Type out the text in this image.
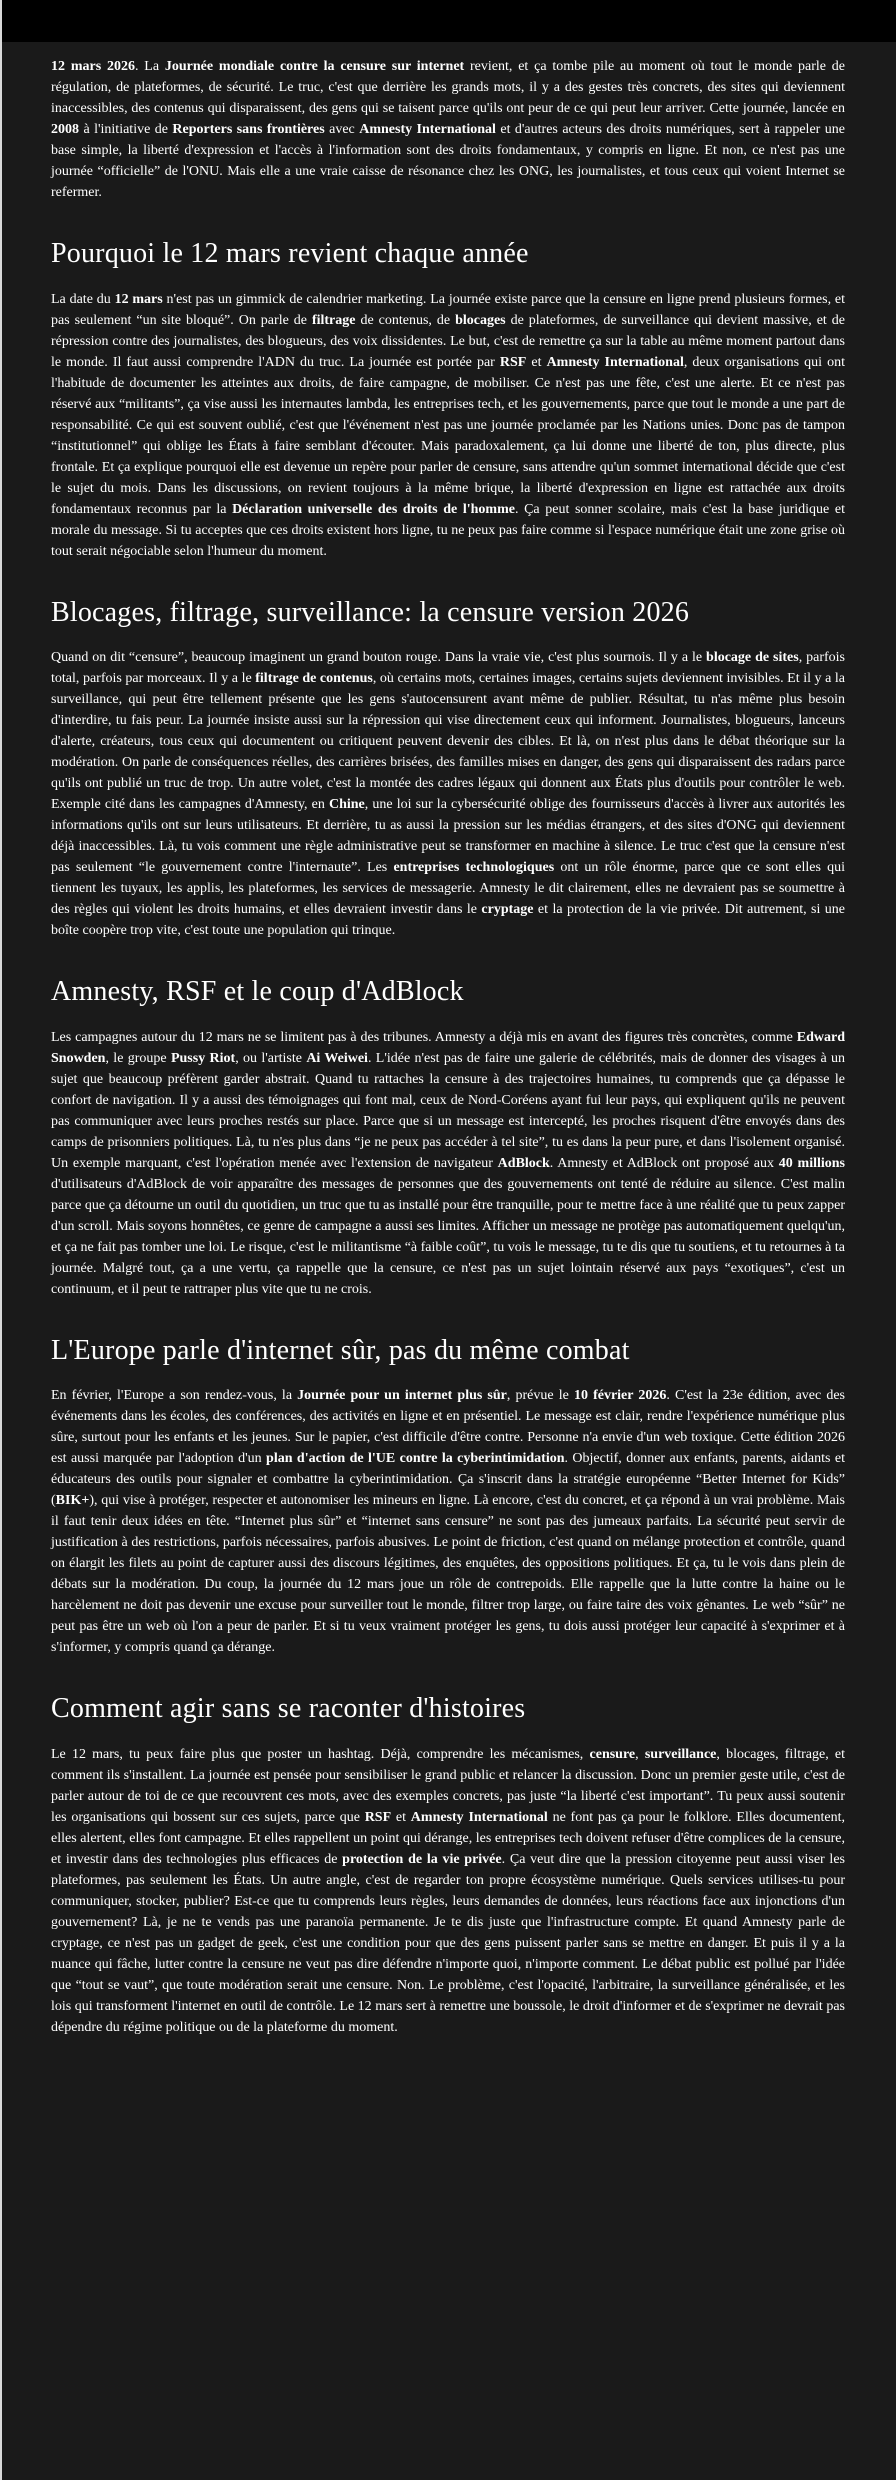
12 mars 2026. La Journée mondiale contre la censure sur internet revient, et ça tombe pile au moment où tout le monde parle de régulation, de plateformes, de sécurité. Le truc, c'est que derrière les grands mots, il y a des gestes très concrets, des sites qui deviennent inaccessibles, des contenus qui disparaissent, des gens qui se taisent parce qu'ils ont peur de ce qui peut leur arriver. Cette journée, lancée en 2008 à l'initiative de Reporters sans frontières avec Amnesty International et d'autres acteurs des droits numériques, sert à rappeler une base simple, la liberté d'expression et l'accès à l'information sont des droits fondamentaux, y compris en ligne. Et non, ce n'est pas une journée “officielle” de l'ONU. Mais elle a une vraie caisse de résonance chez les ONG, les journalistes, et tous ceux qui voient Internet se refermer.

Pourquoi le 12 mars revient chaque année

La date du 12 mars n'est pas un gimmick de calendrier marketing. La journée existe parce que la censure en ligne prend plusieurs formes, et pas seulement “un site bloqué”. On parle de filtrage de contenus, de blocages de plateformes, de surveillance qui devient massive, et de répression contre des journalistes, des blogueurs, des voix dissidentes. Le but, c'est de remettre ça sur la table au même moment partout dans le monde. Il faut aussi comprendre l'ADN du truc. La journée est portée par RSF et Amnesty International, deux organisations qui ont l'habitude de documenter les atteintes aux droits, de faire campagne, de mobiliser. Ce n'est pas une fête, c'est une alerte. Et ce n'est pas réservé aux “militants”, ça vise aussi les internautes lambda, les entreprises tech, et les gouvernements, parce que tout le monde a une part de responsabilité. Ce qui est souvent oublié, c'est que l'événement n'est pas une journée proclamée par les Nations unies. Donc pas de tampon “institutionnel” qui oblige les États à faire semblant d'écouter. Mais paradoxalement, ça lui donne une liberté de ton, plus directe, plus frontale. Et ça explique pourquoi elle est devenue un repère pour parler de censure, sans attendre qu'un sommet international décide que c'est le sujet du mois. Dans les discussions, on revient toujours à la même brique, la liberté d'expression en ligne est rattachée aux droits fondamentaux reconnus par la Déclaration universelle des droits de l'homme. Ça peut sonner scolaire, mais c'est la base juridique et morale du message. Si tu acceptes que ces droits existent hors ligne, tu ne peux pas faire comme si l'espace numérique était une zone grise où tout serait négociable selon l'humeur du moment.

Blocages, filtrage, surveillance: la censure version 2026

Quand on dit “censure”, beaucoup imaginent un grand bouton rouge. Dans la vraie vie, c'est plus sournois. Il y a le blocage de sites, parfois total, parfois par morceaux. Il y a le filtrage de contenus, où certains mots, certaines images, certains sujets deviennent invisibles. Et il y a la surveillance, qui peut être tellement présente que les gens s'autocensurent avant même de publier. Résultat, tu n'as même plus besoin d'interdire, tu fais peur. La journée insiste aussi sur la répression qui vise directement ceux qui informent. Journalistes, blogueurs, lanceurs d'alerte, créateurs, tous ceux qui documentent ou critiquent peuvent devenir des cibles. Et là, on n'est plus dans le débat théorique sur la modération. On parle de conséquences réelles, des carrières brisées, des familles mises en danger, des gens qui disparaissent des radars parce qu'ils ont publié un truc de trop. Un autre volet, c'est la montée des cadres légaux qui donnent aux États plus d'outils pour contrôler le web. Exemple cité dans les campagnes d'Amnesty, en Chine, une loi sur la cybersécurité oblige des fournisseurs d'accès à livrer aux autorités les informations qu'ils ont sur leurs utilisateurs. Et derrière, tu as aussi la pression sur les médias étrangers, et des sites d'ONG qui deviennent déjà inaccessibles. Là, tu vois comment une règle administrative peut se transformer en machine à silence. Le truc c'est que la censure n'est pas seulement “le gouvernement contre l'internaute”. Les entreprises technologiques ont un rôle énorme, parce que ce sont elles qui tiennent les tuyaux, les applis, les plateformes, les services de messagerie. Amnesty le dit clairement, elles ne devraient pas se soumettre à des règles qui violent les droits humains, et elles devraient investir dans le cryptage et la protection de la vie privée. Dit autrement, si une boîte coopère trop vite, c'est toute une population qui trinque.

Amnesty, RSF et le coup d'AdBlock

Les campagnes autour du 12 mars ne se limitent pas à des tribunes. Amnesty a déjà mis en avant des figures très concrètes, comme Edward Snowden, le groupe Pussy Riot, ou l'artiste Ai Weiwei. L'idée n'est pas de faire une galerie de célébrités, mais de donner des visages à un sujet que beaucoup préfèrent garder abstrait. Quand tu rattaches la censure à des trajectoires humaines, tu comprends que ça dépasse le confort de navigation. Il y a aussi des témoignages qui font mal, ceux de Nord-Coréens ayant fui leur pays, qui expliquent qu'ils ne peuvent pas communiquer avec leurs proches restés sur place. Parce que si un message est intercepté, les proches risquent d'être envoyés dans des camps de prisonniers politiques. Là, tu n'es plus dans “je ne peux pas accéder à tel site”, tu es dans la peur pure, et dans l'isolement organisé. Un exemple marquant, c'est l'opération menée avec l'extension de navigateur AdBlock. Amnesty et AdBlock ont proposé aux 40 millions d'utilisateurs d'AdBlock de voir apparaître des messages de personnes que des gouvernements ont tenté de réduire au silence. C'est malin parce que ça détourne un outil du quotidien, un truc que tu as installé pour être tranquille, pour te mettre face à une réalité que tu peux zapper d'un scroll. Mais soyons honnêtes, ce genre de campagne a aussi ses limites. Afficher un message ne protège pas automatiquement quelqu'un, et ça ne fait pas tomber une loi. Le risque, c'est le militantisme “à faible coût”, tu vois le message, tu te dis que tu soutiens, et tu retournes à ta journée. Malgré tout, ça a une vertu, ça rappelle que la censure, ce n'est pas un sujet lointain réservé aux pays “exotiques”, c'est un continuum, et il peut te rattraper plus vite que tu ne crois.

L'Europe parle d'internet sûr, pas du même combat

En février, l'Europe a son rendez-vous, la Journée pour un internet plus sûr, prévue le 10 février 2026. C'est la 23e édition, avec des événements dans les écoles, des conférences, des activités en ligne et en présentiel. Le message est clair, rendre l'expérience numérique plus sûre, surtout pour les enfants et les jeunes. Sur le papier, c'est difficile d'être contre. Personne n'a envie d'un web toxique. Cette édition 2026 est aussi marquée par l'adoption d'un plan d'action de l'UE contre la cyberintimidation. Objectif, donner aux enfants, parents, aidants et éducateurs des outils pour signaler et combattre la cyberintimidation. Ça s'inscrit dans la stratégie européenne “Better Internet for Kids” (BIK+), qui vise à protéger, respecter et autonomiser les mineurs en ligne. Là encore, c'est du concret, et ça répond à un vrai problème. Mais il faut tenir deux idées en tête. “Internet plus sûr” et “internet sans censure” ne sont pas des jumeaux parfaits. La sécurité peut servir de justification à des restrictions, parfois nécessaires, parfois abusives. Le point de friction, c'est quand on mélange protection et contrôle, quand on élargit les filets au point de capturer aussi des discours légitimes, des enquêtes, des oppositions politiques. Et ça, tu le vois dans plein de débats sur la modération. Du coup, la journée du 12 mars joue un rôle de contrepoids. Elle rappelle que la lutte contre la haine ou le harcèlement ne doit pas devenir une excuse pour surveiller tout le monde, filtrer trop large, ou faire taire des voix gênantes. Le web “sûr” ne peut pas être un web où l'on a peur de parler. Et si tu veux vraiment protéger les gens, tu dois aussi protéger leur capacité à s'exprimer et à s'informer, y compris quand ça dérange.

Comment agir sans se raconter d'histoires

Le 12 mars, tu peux faire plus que poster un hashtag. Déjà, comprendre les mécanismes, censure, surveillance, blocages, filtrage, et comment ils s'installent. La journée est pensée pour sensibiliser le grand public et relancer la discussion. Donc un premier geste utile, c'est de parler autour de toi de ce que recouvrent ces mots, avec des exemples concrets, pas juste “la liberté c'est important”. Tu peux aussi soutenir les organisations qui bossent sur ces sujets, parce que RSF et Amnesty International ne font pas ça pour le folklore. Elles documentent, elles alertent, elles font campagne. Et elles rappellent un point qui dérange, les entreprises tech doivent refuser d'être complices de la censure, et investir dans des technologies plus efficaces de protection de la vie privée. Ça veut dire que la pression citoyenne peut aussi viser les plateformes, pas seulement les États. Un autre angle, c'est de regarder ton propre écosystème numérique. Quels services utilises-tu pour communiquer, stocker, publier? Est-ce que tu comprends leurs règles, leurs demandes de données, leurs réactions face aux injonctions d'un gouvernement? Là, je ne te vends pas une paranoïa permanente. Je te dis juste que l'infrastructure compte. Et quand Amnesty parle de cryptage, ce n'est pas un gadget de geek, c'est une condition pour que des gens puissent parler sans se mettre en danger. Et puis il y a la nuance qui fâche, lutter contre la censure ne veut pas dire défendre n'importe quoi, n'importe comment. Le débat public est pollué par l'idée que “tout se vaut”, que toute modération serait une censure. Non. Le problème, c'est l'opacité, l'arbitraire, la surveillance généralisée, et les lois qui transforment l'internet en outil de contrôle. Le 12 mars sert à remettre une boussole, le droit d'informer et de s'exprimer ne devrait pas dépendre du régime politique ou de la plateforme du moment.
